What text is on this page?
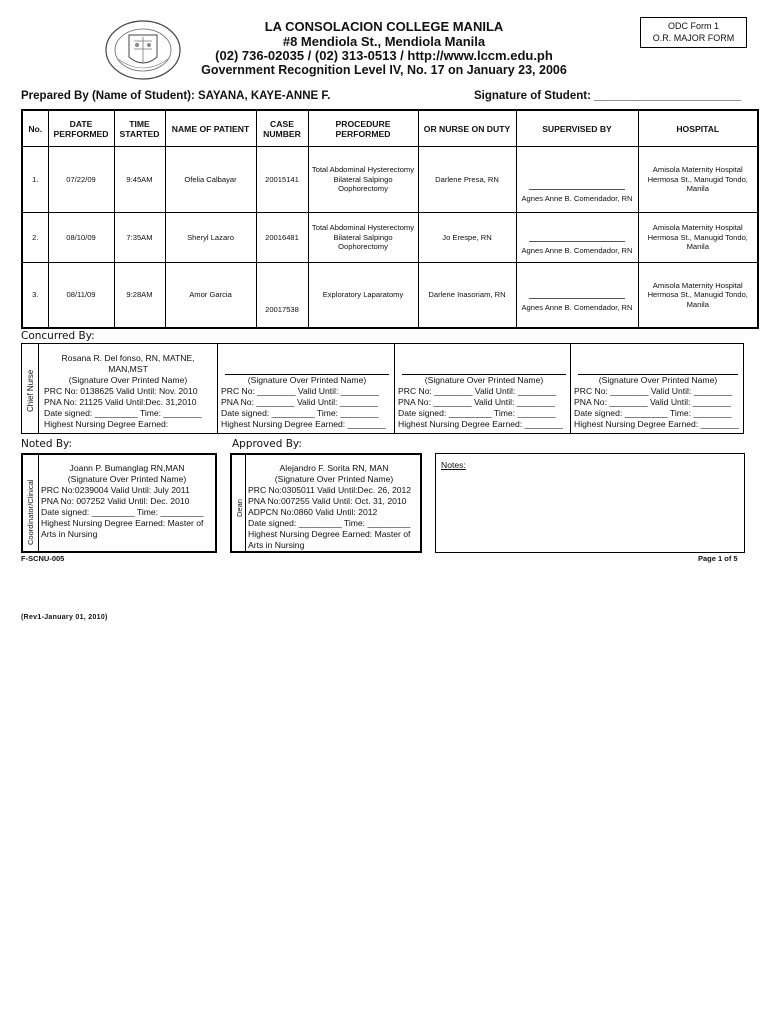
LA CONSOLACION COLLEGE MANILA
#8 Mendiola St., Mendiola Manila
(02) 736-02035 / (02) 313-0513 / http://www.lccm.edu.ph
Government Recognition Level IV, No. 17 on January 23, 2006
ODC Form 1
O.R. MAJOR FORM
Prepared By (Name of Student): SAYANA, KAYE-ANNE F.	Signature of Student: _______________________
No.	DATE PERFORMED	TIME STARTED	NAME OF PATIENT	CASE NUMBER	PROCEDURE PERFORMED	OR NURSE ON DUTY	SUPERVISED BY	HOSPITAL
1.	07/22/09	9:45AM	Ofelia Calbayar	20015141	Total Abdominal Hysterectomy Bilateral Salpingo Oophorectomy	Darlene Presa, RN	Agnes Anne B. Comendador, RN	Amisola Maternity Hospital Hermosa St., Manugid Tondo, Manila
2.	08/10/09	7:35AM	Sheryl Lazaro	20016481	Total Abdominal Hysterectomy Bilateral Salpingo Oophorectomy	Jo Erespe, RN	Agnes Anne B. Comendador, RN	Amisola Maternity Hospital Hermosa St., Manugid Tondo, Manila
3.	08/11/09	9:28AM	Amor Garcia	20017538	Exploratory Laparatomy	Darlene Inasoriam, RN	Agnes Anne B. Comendador, RN	Amisola Maternity Hospital Hermosa St., Manugid Tondo, Manila
Concurred By:
Chief Nurse
Rosana R. Del fonso, RN, MATNE, MAN,MST
(Signature Over Printed Name)
PRC No: 0138625 Valid Until: Nov. 2010
PNA No: 21125 Valid Until:Dec. 31,2010
Date signed: _________ Time: ________
Highest Nursing Degree Earned:
(Signature Over Printed Name)
PRC No: ________ Valid Until: ________
PNA No: ________ Valid Until: ________
Date signed: _________ Time: ________
Highest Nursing Degree Earned: ________
(Signature Over Printed Name)
PRC No: ________ Valid Until: ________
PNA No: ________ Valid Until: ________
Date signed: _________ Time: ________
Highest Nursing Degree Earned: ________
(Signature Over Printed Name)
PRC No: ________ Valid Until: ________
PNA No: ________ Valid Until: ________
Date signed: _________ Time: ________
Highest Nursing Degree Earned: ________
Noted By:	Approved By:
Coordinator/Clinical
Joann P. Bumanglag RN,MAN
(Signature Over Printed Name)
PRC No:0239004 Valid Until: July 2011
PNA No: 007252 Valid Until: Dec. 2010
Date signed: _________ Time: _________
Highest Nursing Degree Earned: Master of Arts in Nursing
Dean
Alejandro F. Sorita RN, MAN
(Signature Over Printed Name)
PRC No:0305011 Valid Until:Dec. 26, 2012
PNA No:007255 Valid Until: Oct. 31, 2010
ADPCN No:0860 Valid Until: 2012
Date signed: _________ Time: _________
Highest Nursing Degree Earned: Master of Arts in Nursing
Notes:
F-SCNU-005	Page 1 of 5
(Rev1-January 01, 2010)
